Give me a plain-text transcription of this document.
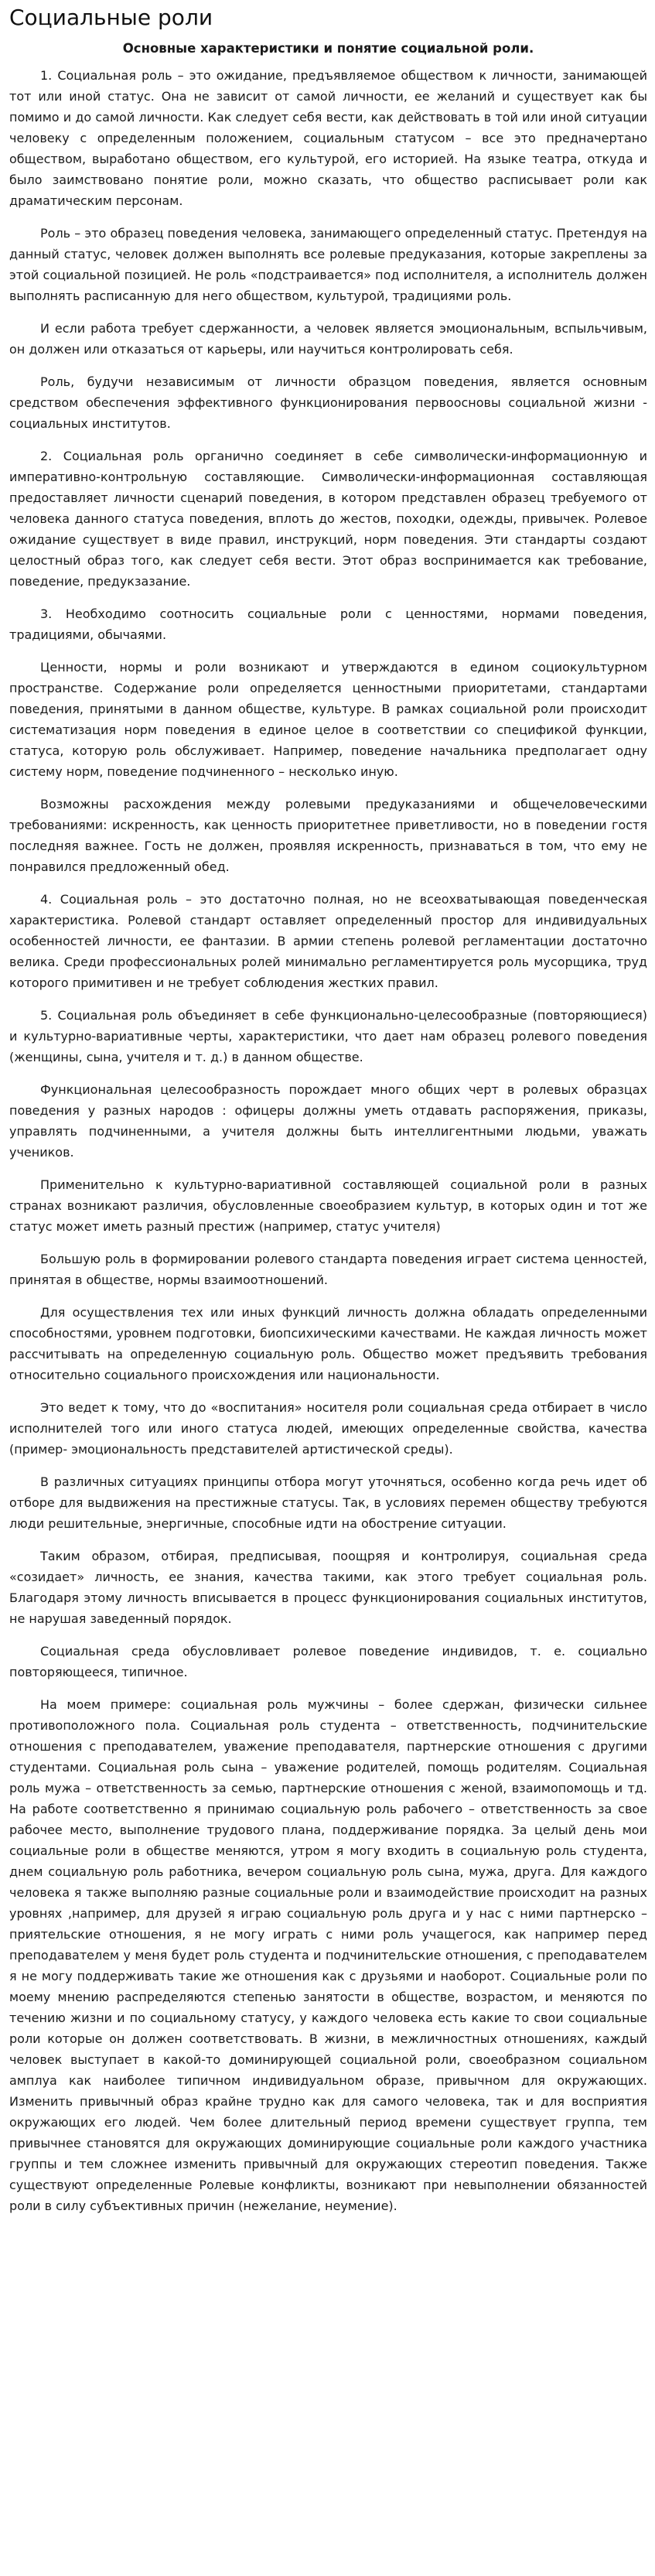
Социальные роли

Основные характеристики и понятие социальной роли.

1. Социальная роль – это ожидание, предъявляемое обществом к личности, занимающей тот или иной статус. Она не зависит от самой личности, ее желаний и существует как бы помимо и до самой личности. Как следует себя вести, как действовать в той или иной ситуации человеку с определенным положением, социальным статусом – все это предначертано обществом, выработано обществом, его культурой, его историей. На языке театра, откуда и было заимствовано понятие роли, можно сказать, что общество расписывает роли как драматическим персонам.

Роль – это образец поведения человека, занимающего определенный статус. Претендуя на данный статус, человек должен выполнять все ролевые предуказания, которые закреплены за этой социальной позицией. Не роль «подстраивается» под исполнителя, а исполнитель должен выполнять расписанную для него обществом, культурой, традициями роль.

И если работа требует сдержанности, а человек является эмоциональным, вспыльчивым, он должен или отказаться от карьеры, или научиться контролировать себя.

Роль, будучи независимым от личности образцом поведения, является основным средством обеспечения эффективного функционирования первоосновы социальной жизни - социальных институтов.

2. Социальная роль органично соединяет в себе символически-информационную и императивно-контрольную составляющие. Символически-информационная составляющая предоставляет личности сценарий поведения, в котором представлен образец требуемого от человека данного статуса поведения, вплоть до жестов, походки, одежды, привычек. Ролевое ожидание существует в виде правил, инструкций, норм поведения. Эти стандарты создают целостный образ того, как следует себя вести. Этот образ воспринимается как требование, поведение, предукзазание.

3. Необходимо соотносить социальные роли с ценностями, нормами поведения, традициями, обычаями.

Ценности, нормы и роли возникают и утверждаются в едином социокультурном пространстве. Содержание роли определяется ценностными приоритетами, стандартами поведения, принятыми в данном обществе, культуре. В рамках социальной роли происходит систематизация норм поведения в единое целое в соответствии со спецификой функции, статуса, которую роль обслуживает. Например, поведение начальника предполагает одну систему норм, поведение подчиненного – несколько иную.

Возможны расхождения между ролевыми предуказаниями и общечеловеческими требованиями: искренность, как ценность приоритетнее приветливости, но в поведении гостя последняя важнее. Гость не должен, проявляя искренность, признаваться в том, что ему не понравился предложенный обед.

4. Социальная роль – это достаточно полная, но не всеохватывающая поведенческая характеристика. Ролевой стандарт оставляет определенный простор для индивидуальных особенностей личности, ее фантазии. В армии степень ролевой регламентации достаточно велика. Среди профессиональных ролей минимально регламентируется роль мусорщика, труд которого примитивен и не требует соблюдения жестких правил.

5. Социальная роль объединяет в себе функционально-целесообразные (повторяющиеся) и культурно-вариативные черты, характеристики, что дает нам образец ролевого поведения (женщины, сына, учителя и т. д.) в данном обществе.

Функциональная целесообразность порождает много общих черт в ролевых образцах поведения у разных народов : офицеры должны уметь отдавать распоряжения, приказы, управлять подчиненными, а учителя должны быть интеллигентными людьми, уважать учеников.

Применительно к культурно-вариативной составляющей социальной роли в разных странах возникают различия, обусловленные своеобразием культур, в которых один и тот же статус может иметь разный престиж (например, статус учителя)

Большую роль в формировании ролевого стандарта поведения играет система ценностей, принятая в обществе, нормы взаимоотношений.

Для осуществления тех или иных функций личность должна обладать определенными способностями, уровнем подготовки, биопсихическими качествами. Не каждая личность может рассчитывать на определенную социальную роль. Общество может предъявить требования относительно социального происхождения или национальности.

Это ведет к тому, что до «воспитания» носителя роли социальная среда отбирает в число исполнителей того или иного статуса людей, имеющих определенные свойства, качества (пример- эмоциональность представителей артистической среды).

В различных ситуациях принципы отбора могут уточняться, особенно когда речь идет об отборе для выдвижения на престижные статусы. Так, в условиях перемен обществу требуются люди решительные, энергичные, способные идти на обострение ситуации.

Таким образом, отбирая, предписывая, поощряя и контролируя, социальная среда «созидает» личность, ее знания, качества такими, как этого требует социальная роль. Благодаря этому личность вписывается в процесс функционирования социальных институтов, не нарушая заведенный порядок.

Социальная среда обусловливает ролевое поведение индивидов, т. е. социально повторяющееся, типичное.

На моем примере: социальная роль мужчины – более сдержан, физически сильнее противоположного пола. Социальная роль студента – ответственность, подчинительские отношения с преподавателем, уважение преподавателя, партнерские отношения с другими студентами. Социальная роль сына – уважение родителей, помощь родителям. Социальная роль мужа – ответственность за семью, партнерские отношения с женой, взаимопомощь и тд. На работе соответственно я принимаю социальную роль рабочего – ответственность за свое рабочее место, выполнение трудового плана, поддерживание порядка. За целый день мои социальные роли в обществе меняются, утром я могу входить в социальную роль студента, днем социальную роль работника, вечером социальную роль сына, мужа, друга. Для каждого человека я также выполняю разные социальные роли и взаимодействие происходит на разных уровнях ,например, для друзей я играю социальную роль друга и у нас с ними партнерско – приятельские отношения, я не могу играть с ними роль учащегося, как например перед преподавателем у меня будет роль студента и подчинительские отношения, с преподавателем я не могу поддерживать такие же отношения как с друзьями и наоборот. Социальные роли по моему мнению распределяются степенью занятости в обществе, возрастом, и меняются по течению жизни и по социальному статусу, у каждого человека есть какие то свои социальные роли которые он должен соответствовать. В жизни, в межличностных отношениях, каждый человек выступает в какой-то доминирующей социальной роли, своеобразном социальном амплуа как наиболее типичном индивидуальном образе, привычном для окружающих. Изменить привычный образ крайне трудно как для самого человека, так и для восприятия окружающих его людей. Чем более длительный период времени существует группа, тем привычнее становятся для окружающих доминирующие социальные роли каждого участника группы и тем сложнее изменить привычный для окружающих стереотип поведения. Также существуют определенные Ролевые конфликты, возникают при невыполнении обязанностей роли в силу субъективных причин (нежелание, неумение).
